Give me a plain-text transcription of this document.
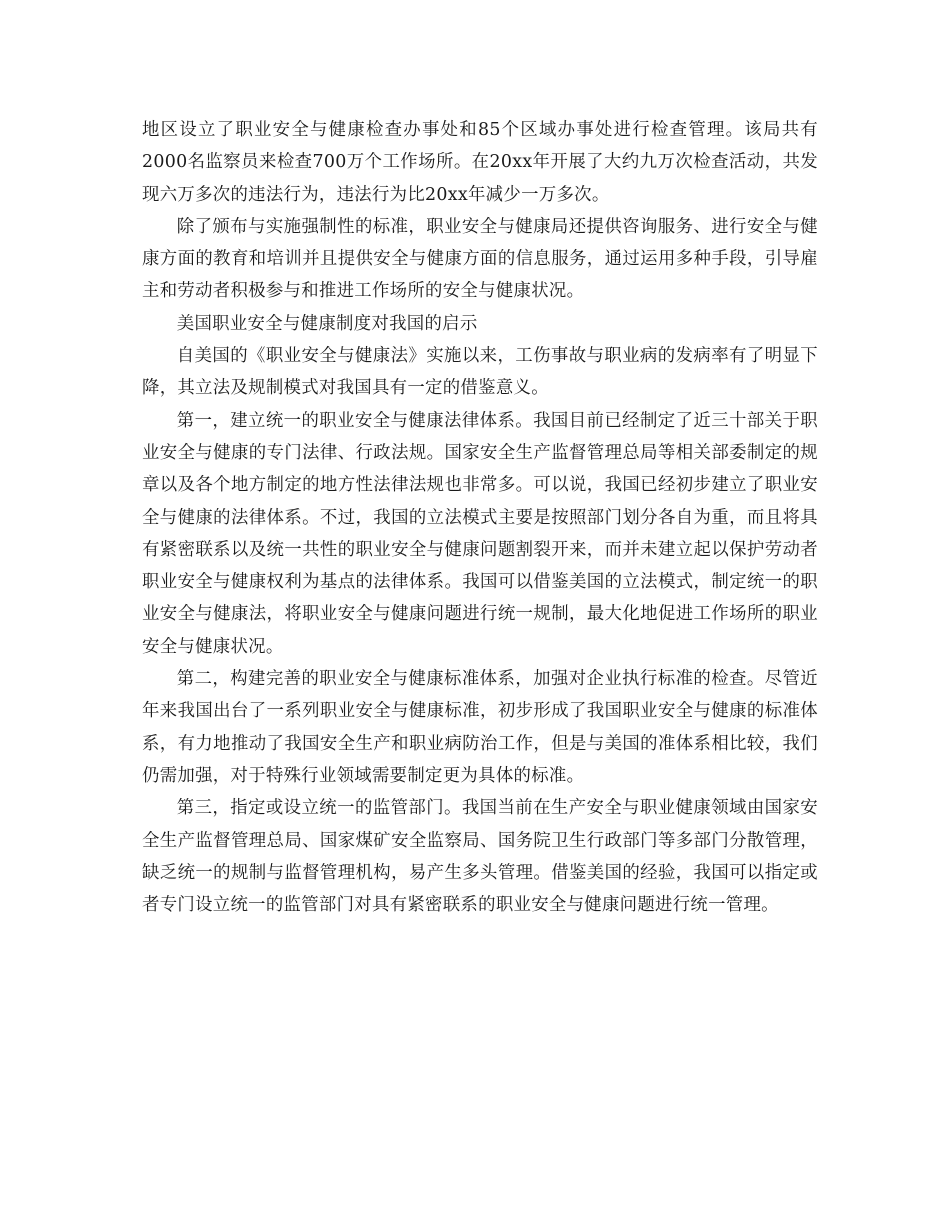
地区设立了职业安全与健康检查办事处和85个区域办事处进行检查管理。该局共有2000名监察员来检查700万个工作场所。在20xx年开展了大约九万次检查活动，共发现六万多次的违法行为，违法行为比20xx年减少一万多次。

除了颁布与实施强制性的标准，职业安全与健康局还提供咨询服务、进行安全与健康方面的教育和培训并且提供安全与健康方面的信息服务，通过运用多种手段，引导雇主和劳动者积极参与和推进工作场所的安全与健康状况。

美国职业安全与健康制度对我国的启示

自美国的《职业安全与健康法》实施以来，工伤事故与职业病的发病率有了明显下降，其立法及规制模式对我国具有一定的借鉴意义。

第一，建立统一的职业安全与健康法律体系。我国目前已经制定了近三十部关于职业安全与健康的专门法律、行政法规。国家安全生产监督管理总局等相关部委制定的规章以及各个地方制定的地方性法律法规也非常多。可以说，我国已经初步建立了职业安全与健康的法律体系。不过，我国的立法模式主要是按照部门划分各自为重，而且将具有紧密联系以及统一共性的职业安全与健康问题割裂开来，而并未建立起以保护劳动者职业安全与健康权利为基点的法律体系。我国可以借鉴美国的立法模式，制定统一的职业安全与健康法，将职业安全与健康问题进行统一规制，最大化地促进工作场所的职业安全与健康状况。

第二，构建完善的职业安全与健康标准体系，加强对企业执行标准的检查。尽管近年来我国出台了一系列职业安全与健康标准，初步形成了我国职业安全与健康的标准体系，有力地推动了我国安全生产和职业病防治工作，但是与美国的准体系相比较，我们仍需加强，对于特殊行业领域需要制定更为具体的标准。

第三，指定或设立统一的监管部门。我国当前在生产安全与职业健康领域由国家安全生产监督管理总局、国家煤矿安全监察局、国务院卫生行政部门等多部门分散管理，缺乏统一的规制与监督管理机构，易产生多头管理。借鉴美国的经验，我国可以指定或者专门设立统一的监管部门对具有紧密联系的职业安全与健康问题进行统一管理。
